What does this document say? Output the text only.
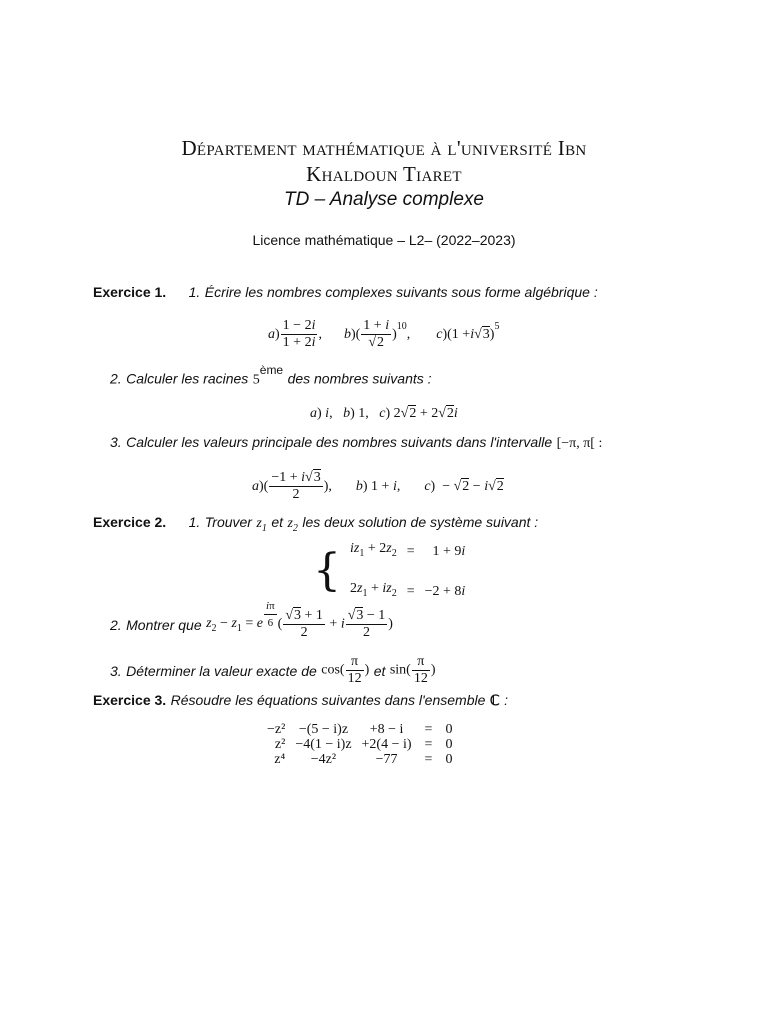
Département mathématique à l'université Ibn
Khaldoun Tiaret
TD – Analyse complexe
Licence mathématique – L2– (2022–2023)
Exercice 1. 1. Écrire les nombres complexes suivants sous forme algébrique :
a ) $\frac{1 - 2i}{1 + 2i}$ , b )( $\frac{1 + i}{√2} )^{10}$ , c )(1 + i √ 3 )$^5$
2. Calculer les racines 5ème des nombres suivants :
a) i,   b) 1,   c) 2√2 + 2√2i
3. Calculer les valeurs principale des nombres suivants dans l'intervalle [−π, π[ :
a )( $\frac{-1 + i√3}{2}$ ), b) 1 + i, c)  − √2 − i√2
Exercice 2. 1. Trouver $z_1$ et $z_2$ les deux solution de système suivant :
{ $iz_1 + 2z_2$	=	1 + 9i

$2z_1 + iz_2$	=	−2 + 8i
2.
Montrer que
$z_2 - z_1 = e \frac{i\pi}{6}$ ( $\frac{√3 + 1}{2} + i \frac{√3 - 1}{2}$ )
3.
Déterminer la valeur exacte de
$\cos( \frac{\pi}{12}$ )
et
$\sin( \frac{\pi}{12}$ )
Exercice 3. Résoudre les équations suivantes dans l'ensemble ℂ :
−z²	−(5 − i)z	+8 − i	=	0
z²	−4(1 − i)z	+2(4 − i)	=	0
z⁴	−4z²	−77	=	0
